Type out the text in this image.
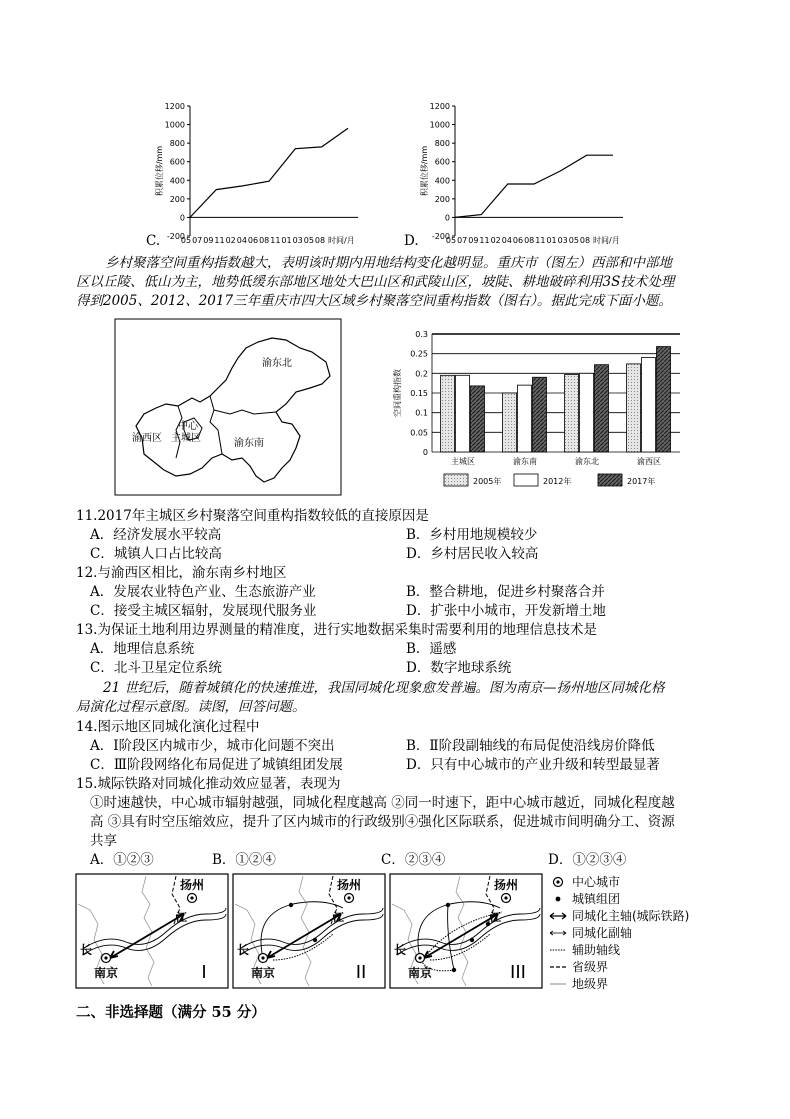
1200
1000
800
600
400
200
0
-200
05 07 09 11 02 04 06 08 11 01 03 05 08 时间/月
积累位移/mm
C.
1200
1000
800
600
400
200
0
-200
05 07 09 11 02 04 06 08 11 01 03 05 08 时间/月
积累位移/mm
D.
乡村聚落空间重构指数越大，表明该时期内用地结构变化越明显。重庆市（图左）西部和中部地
区以丘陵、低山为主，地势低缓东部地区地处大巴山区和武陵山区，坡陡、耕地破碎利用3S技术处理
得到2005、2012、2017三年重庆市四大区域乡村聚落空间重构指数（图右）。据此完成下面小题。
渝东北
中心
渝西区 主城区	渝东南
0.3
0.25
0.2
0.15
0.1
0.05
0
空间重构指数
主城区	渝东南	渝东北	渝西区
2005年	2012年	2017年
11.2017年主城区乡村聚落空间重构指数较低的直接原因是
A．经济发展水平较高	B．乡村用地规模较少
C．城镇人口占比较高	D．乡村居民收入较高
12.与渝西区相比，渝东南乡村地区
A．发展农业特色产业、生态旅游产业	B．整合耕地，促进乡村聚落合并
C．接受主城区辐射，发展现代服务业	D．扩张中小城市，开发新增土地
13.为保证土地利用边界测量的精准度，进行实地数据采集时需要利用的地理信息技术是
A．地理信息系统	B．遥感
C．北斗卫星定位系统	D．数字地球系统
21 世纪后，随着城镇化的快速推进，我国同城化现象愈发普遍。图为南京—扬州地区同城化格
局演化过程示意图。读图，回答问题。
14.图示地区同城化演化过程中
A．Ⅰ阶段区内城市少，城市化问题不突出	B．Ⅱ阶段副轴线的布局促使沿线房价降低
C．Ⅲ阶段网络化布局促进了城镇组团发展	D．只有中心城市的产业升级和转型最显著
15.城际铁路对同城化推动效应显著，表现为
①时速越快，中心城市辐射越强，同城化程度越高 ②同一时速下，距中心城市越近，同城化程度越
高 ③具有时空压缩效应，提升了区内城市的行政级别④强化区际联系，促进城市间明确分工、资源
共享
A．①②③	B．①②④	C．②③④	D．①②③④
扬州
南京
长
江
I
扬州
南京
长
江
II
扬州
南京
长
江
III
中心城市
城镇组团
同城化主轴(城际铁路)
同城化副轴
辅助轴线
省级界
地级界
二、非选择题（满分 55 分）
